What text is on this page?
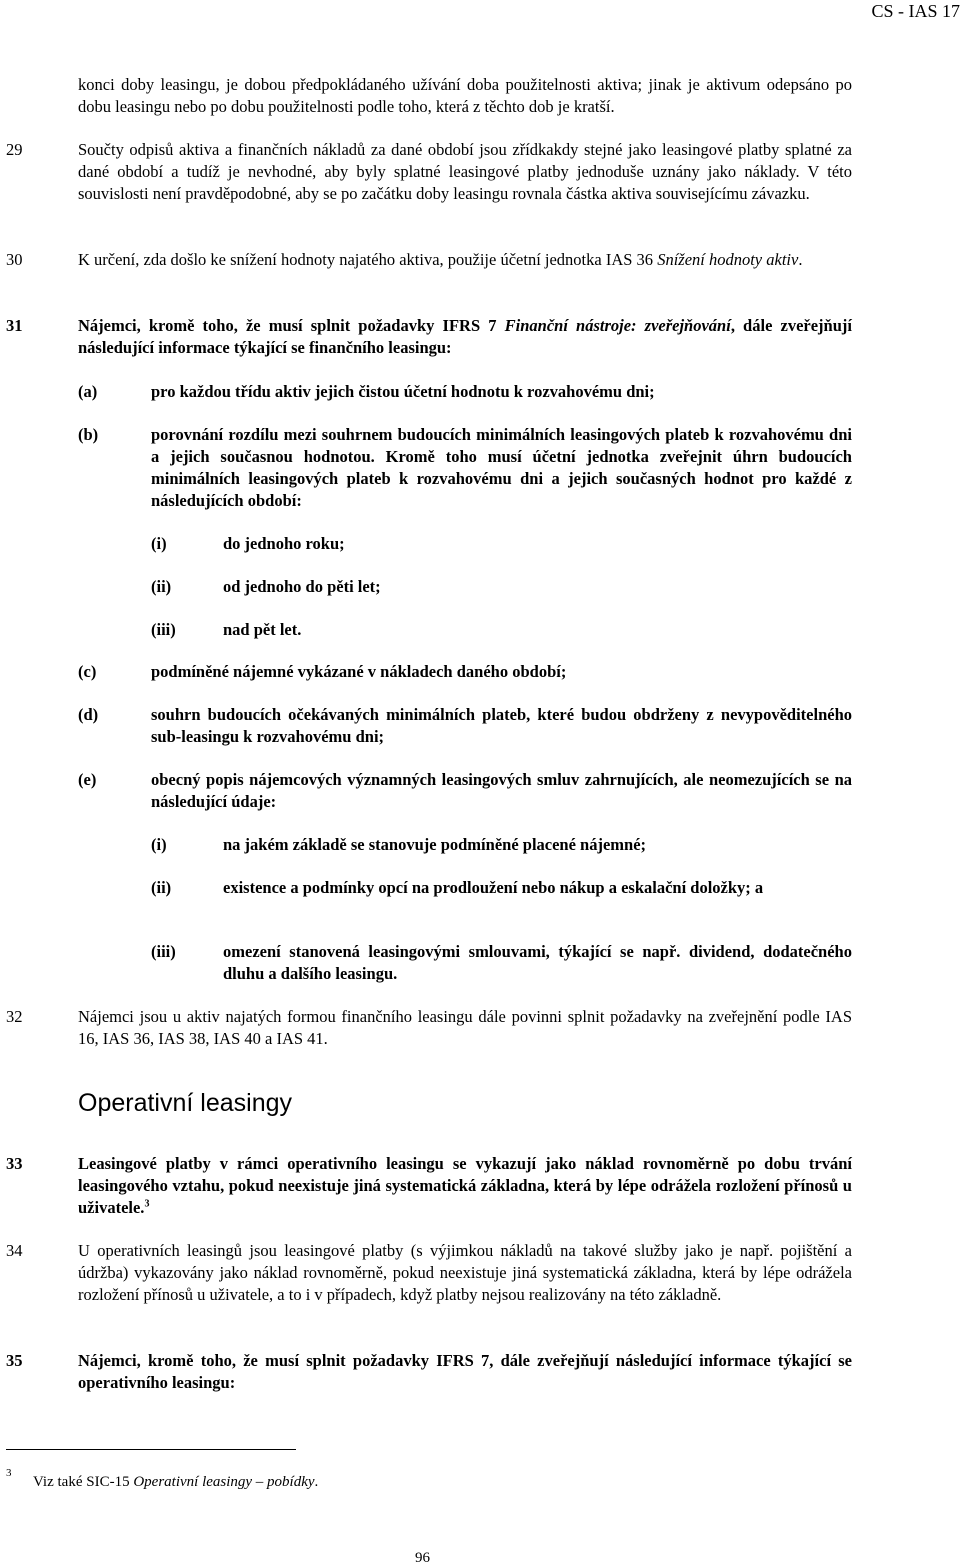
CS - IAS 17
konci doby leasingu, je dobou předpokládaného užívání doba použitelnosti aktiva; jinak je aktivum odepsáno po dobu leasingu nebo po dobu použitelnosti podle toho, která z těchto dob je kratší.
29	Součty odpisů aktiva a finančních nákladů za dané období jsou zřídkakdy stejné jako leasingové platby splatné za dané období a tudíž je nevhodné, aby byly splatné leasingové platby jednoduše uznány jako náklady. V této souvislosti není pravděpodobné, aby se po začátku doby leasingu rovnala částka aktiva souvisejícímu závazku.
30	K určení, zda došlo ke snížení hodnoty najatého aktiva, použije účetní jednotka IAS 36 Snížení hodnoty aktiv.
31	Nájemci, kromě toho, že musí splnit požadavky IFRS 7 Finanční nástroje: zveřejňování, dále zveřejňují následující informace týkající se finančního leasingu:
(a)	pro každou třídu aktiv jejich čistou účetní hodnotu k rozvahovému dni;
(b)	porovnání rozdílu mezi souhrnem budoucích minimálních leasingových plateb k rozvahovému dni a jejich současnou hodnotou. Kromě toho musí účetní jednotka zveřejnit úhrn budoucích minimálních leasingových plateb k rozvahovému dni a jejich současných hodnot pro každé z následujících období:
(i)	do jednoho roku;
(ii)	od jednoho do pěti let;
(iii)	nad pět let.
(c)	podmíněné nájemné vykázané v nákladech daného období;
(d)	souhrn budoucích očekávaných minimálních plateb, které budou obdrženy z nevypověditelného sub-leasingu k rozvahovému dni;
(e)	obecný popis nájemcových významných leasingových smluv zahrnujících, ale neomezujících se na následující údaje:
(i)	na jakém základě se stanovuje podmíněné placené nájemné;
(ii)	existence a podmínky opcí na prodloužení nebo nákup a eskalační doložky; a
(iii)	omezení stanovená leasingovými smlouvami, týkající se např. dividend, dodatečného dluhu a dalšího leasingu.
32	Nájemci jsou u aktiv najatých formou finančního leasingu dále povinni splnit požadavky na zveřejnění podle IAS 16, IAS 36, IAS 38, IAS 40 a IAS 41.
Operativní leasingy
33	Leasingové platby v rámci operativního leasingu se vykazují jako náklad rovnoměrně po dobu trvání leasingového vztahu, pokud neexistuje jiná systematická základna, která by lépe odrážela rozložení přínosů u uživatele.$^3$
34	U operativních leasingů jsou leasingové platby (s výjimkou nákladů na takové služby jako je např. pojištění a údržba) vykazovány jako náklad rovnoměrně, pokud neexistuje jiná systematická základna, která by lépe odrážela rozložení přínosů u uživatele, a to i v případech, když platby nejsou realizovány na této základně.
35	Nájemci, kromě toho, že musí splnit požadavky IFRS 7, dále zveřejňují následující informace týkající se operativního leasingu:
3
Viz také SIC-15 Operativní leasingy – pobídky.
96
